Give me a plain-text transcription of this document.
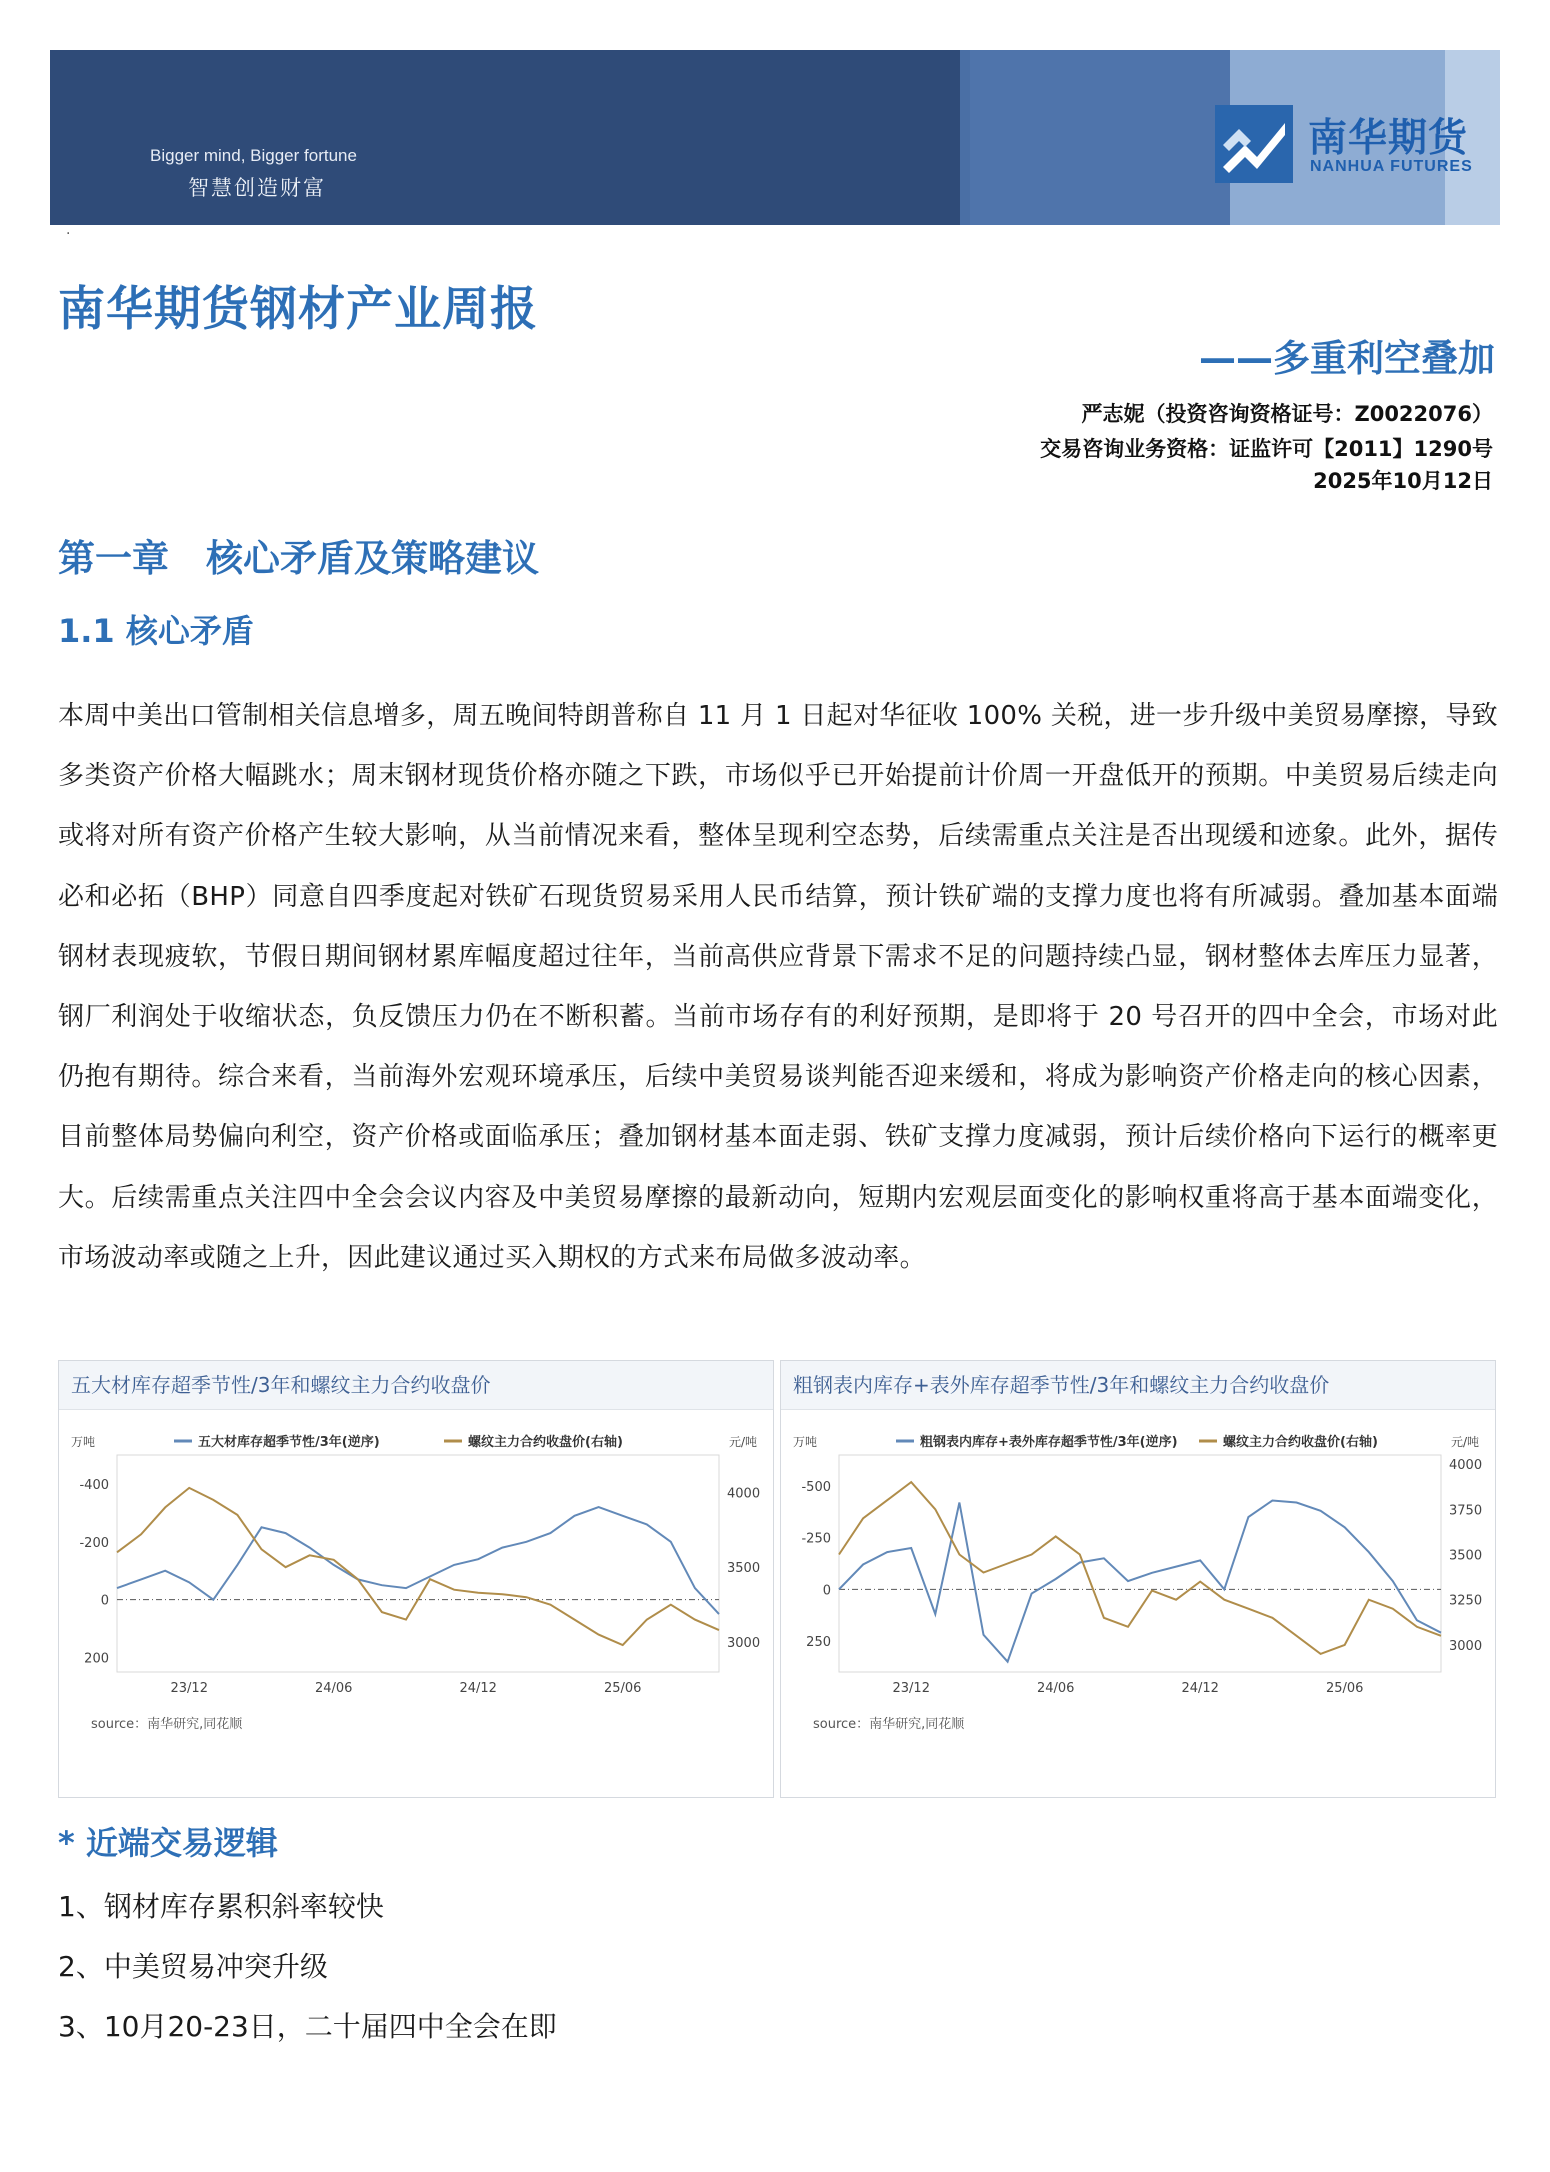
Bigger mind, Bigger fortune
智慧创造财富
南华期货
NANHUA FUTURES
·
南华期货钢材产业周报
——多重利空叠加
严志妮（投资咨询资格证号：Z0022076）
交易咨询业务资格：证监许可【2011】1290号
2025年10月12日
第一章　核心矛盾及策略建议
1.1 核心矛盾
本周中美出口管制相关信息增多，周五晚间特朗普称自 11 月 1 日起对华征收 100% 关税，进一步升级中美贸易摩擦，导致多类资产价格大幅跳水；周末钢材现货价格亦随之下跌，市场似乎已开始提前计价周一开盘低开的预期。中美贸易后续走向或将对所有资产价格产生较大影响，从当前情况来看，整体呈现利空态势，后续需重点关注是否出现缓和迹象。此外，据传必和必拓（BHP）同意自四季度起对铁矿石现货贸易采用人民币结算，预计铁矿端的支撑力度也将有所减弱。叠加基本面端钢材表现疲软，节假日期间钢材累库幅度超过往年，当前高供应背景下需求不足的问题持续凸显，钢材整体去库压力显著，钢厂利润处于收缩状态，负反馈压力仍在不断积蓄。当前市场存有的利好预期，是即将于 20 号召开的四中全会，市场对此仍抱有期待。综合来看，当前海外宏观环境承压，后续中美贸易谈判能否迎来缓和，将成为影响资产价格走向的核心因素，目前整体局势偏向利空，资产价格或面临承压；叠加钢材基本面走弱、铁矿支撑力度减弱，预计后续价格向下运行的概率更大。后续需重点关注四中全会会议内容及中美贸易摩擦的最新动向，短期内宏观层面变化的影响权重将高于基本面端变化，市场波动率或随之上升，因此建议通过买入期权的方式来布局做多波动率。
五大材库存超季节性/3年和螺纹主力合约收盘价
万吨	元/吨
五大材库存超季节性/3年(逆序)	螺纹主力合约收盘价(右轴)
-400
-200
0
200
4000
3500
3000
23/12	24/06	24/12	25/06
source：南华研究,同花顺
粗钢表内库存+表外库存超季节性/3年和螺纹主力合约收盘价
万吨	元/吨
粗钢表内库存+表外库存超季节性/3年(逆序)	螺纹主力合约收盘价(右轴)
-500
-250
0
250
4000
3750
3500
3250
3000
23/12	24/06	24/12	25/06
source：南华研究,同花顺
* 近端交易逻辑
1、钢材库存累积斜率较快
2、中美贸易冲突升级
3、10月20-23日，二十届四中全会在即
